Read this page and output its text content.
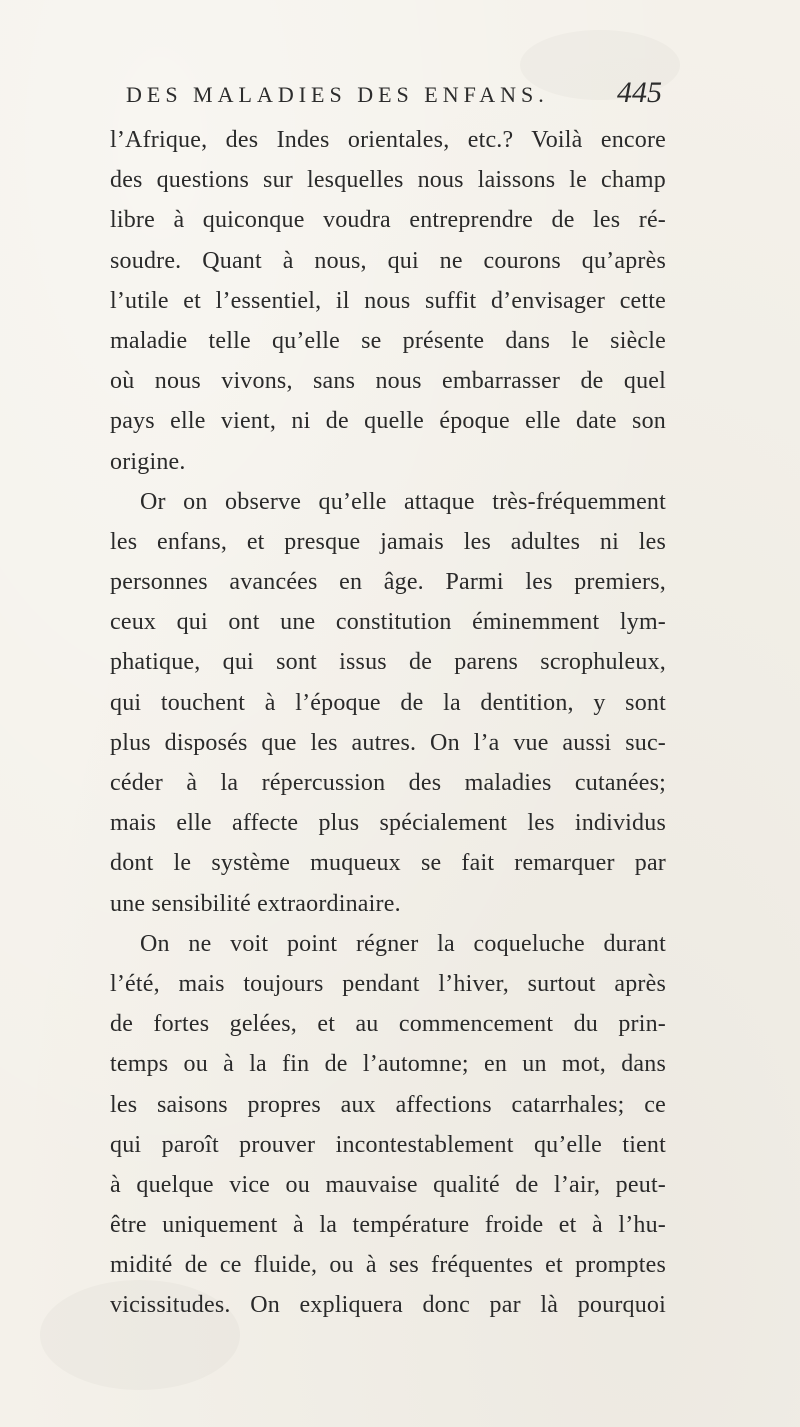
DES MALADIES DES ENFANS. 445
l’Afrique, des Indes orientales, etc.? Voilà encore
des questions sur lesquelles nous laissons le champ
libre à quiconque voudra entreprendre de les ré-
soudre. Quant à nous, qui ne courons qu’après
l’utile et l’essentiel, il nous suffit d’envisager cette
maladie telle qu’elle se présente dans le siècle
où nous vivons, sans nous embarrasser de quel
pays elle vient, ni de quelle époque elle date son
origine.
Or on observe qu’elle attaque très-fréquemment
les enfans, et presque jamais les adultes ni les
personnes avancées en âge. Parmi les premiers,
ceux qui ont une constitution éminemment lym-
phatique, qui sont issus de parens scrophuleux,
qui touchent à l’époque de la dentition, y sont
plus disposés que les autres. On l’a vue aussi suc-
céder à la répercussion des maladies cutanées;
mais elle affecte plus spécialement les individus
dont le système muqueux se fait remarquer par
une sensibilité extraordinaire.
On ne voit point régner la coqueluche durant
l’été, mais toujours pendant l’hiver, surtout après
de fortes gelées, et au commencement du prin-
temps ou à la fin de l’automne; en un mot, dans
les saisons propres aux affections catarrhales; ce
qui paroît prouver incontestablement qu’elle tient
à quelque vice ou mauvaise qualité de l’air, peut-
être uniquement à la température froide et à l’hu-
midité de ce fluide, ou à ses fréquentes et promptes
vicissitudes. On expliquera donc par là pourquoi
